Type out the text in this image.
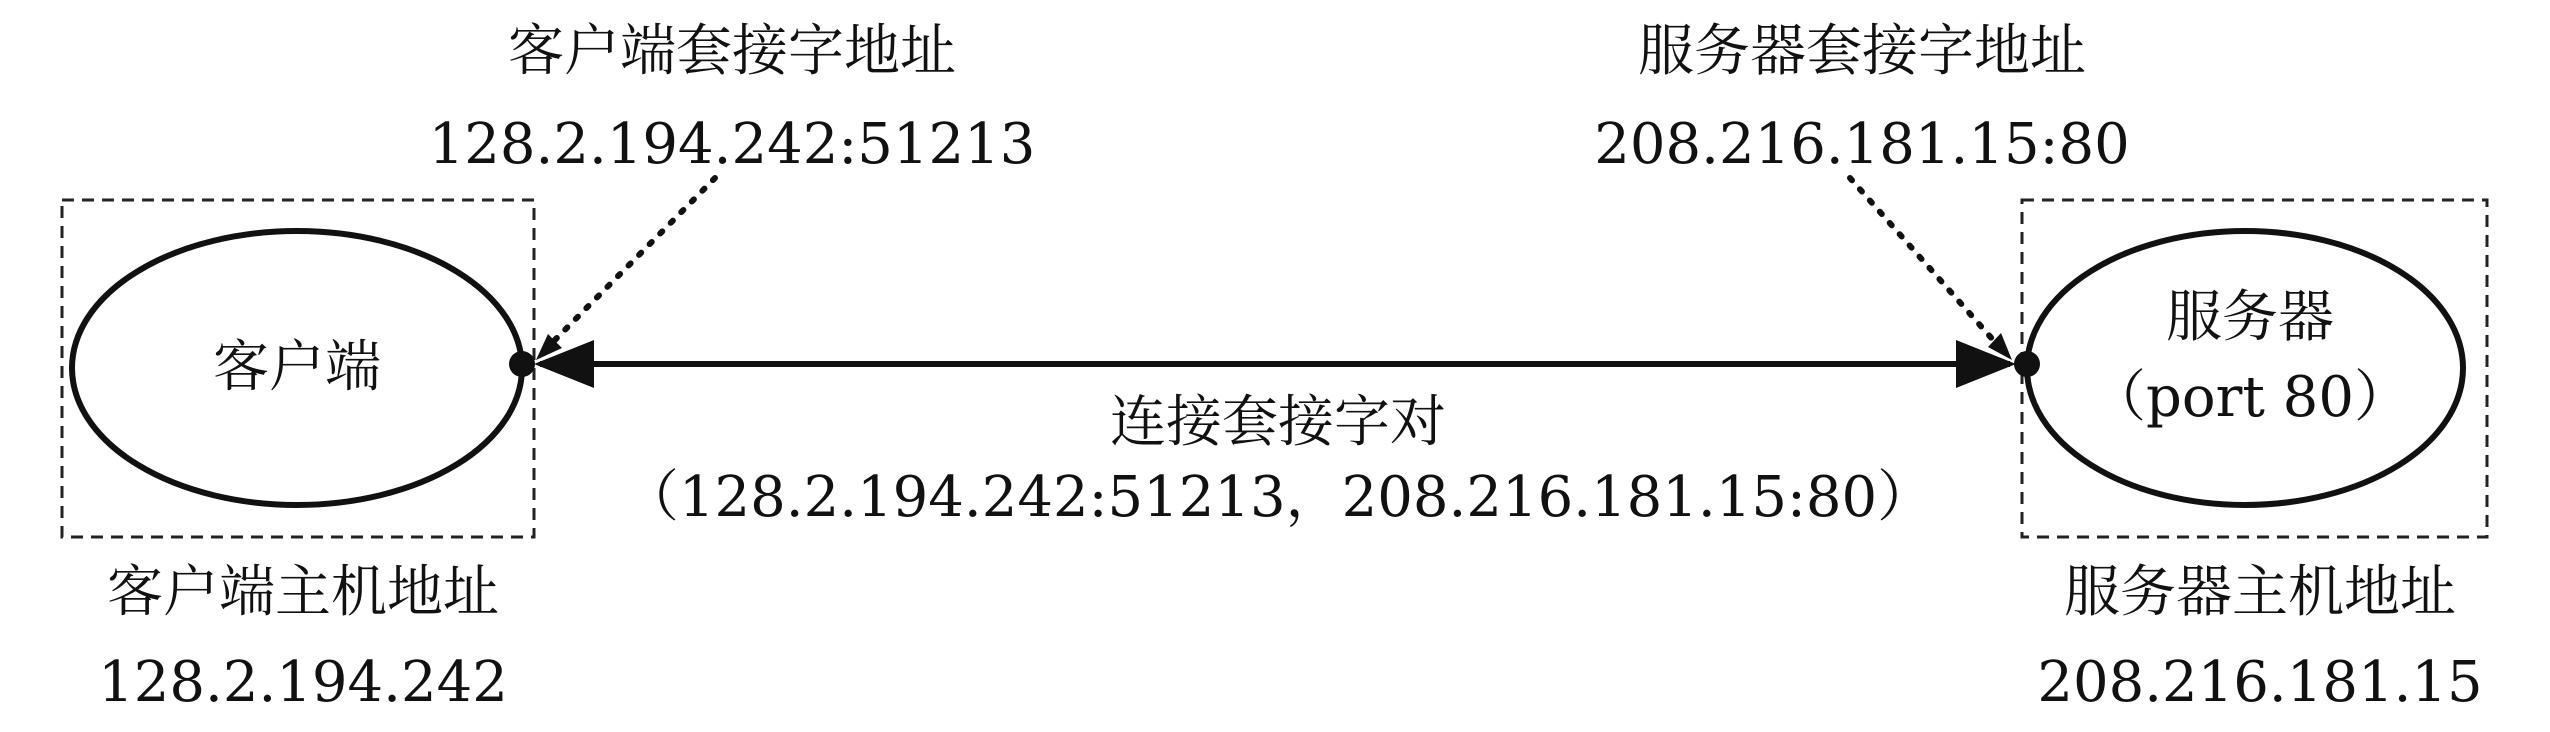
客户端套接字地址
128.2.194.242:51213
服务器套接字地址
208.216.181.15:80
客户端
服务器
（port 80）
连接套接字对
（128.2.194.242:51213，208.216.181.15:80）
客户端主机地址
128.2.194.242
服务器主机地址
208.216.181.15
